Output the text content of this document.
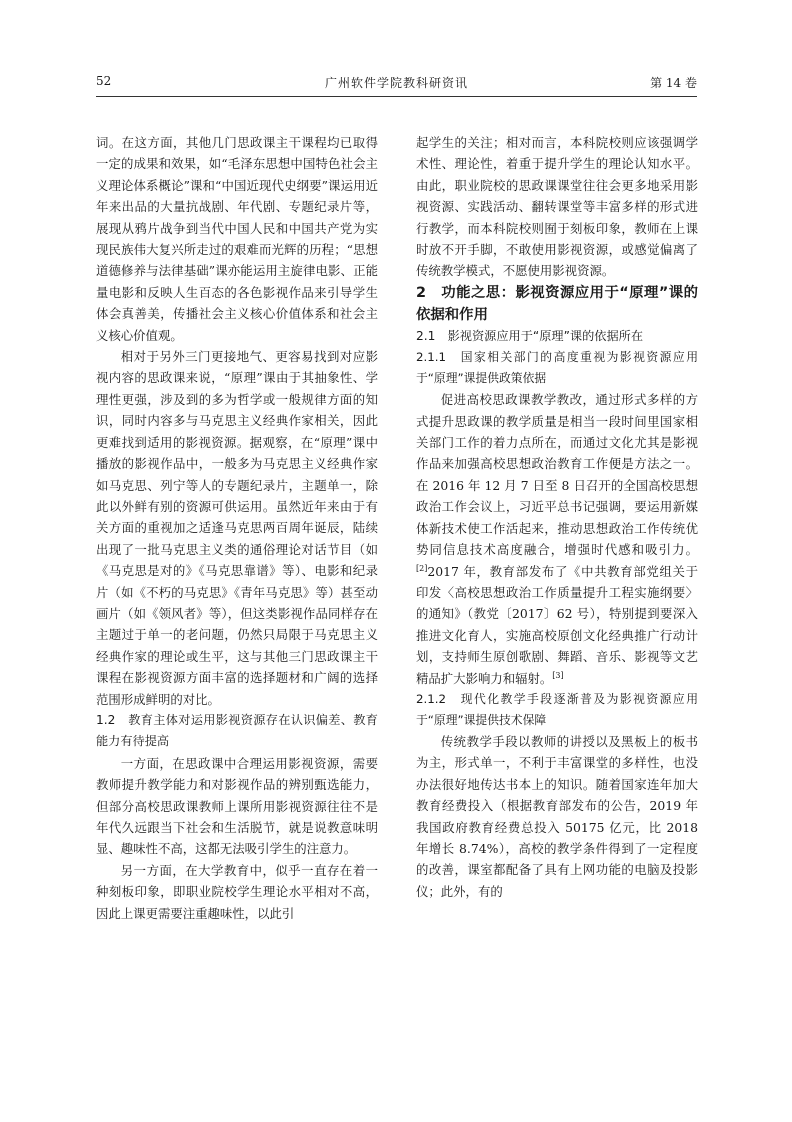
52	广州软件学院教科研资讯	第 14 卷

词。在这方面，其他几门思政课主干课程均已取得一定的成果和效果，如“毛泽东思想中国特色社会主义理论体系概论”课和“中国近现代史纲要”课运用近年来出品的大量抗战剧、年代剧、专题纪录片等，展现从鸦片战争到当代中国人民和中国共产党为实现民族伟大复兴所走过的艰难而光辉的历程；“思想道德修养与法律基础”课亦能运用主旋律电影、正能量电影和反映人生百态的各色影视作品来引导学生体会真善美，传播社会主义核心价值体系和社会主义核心价值观。

相对于另外三门更接地气、更容易找到对应影视内容的思政课来说，“原理”课由于其抽象性、学理性更强，涉及到的多为哲学或一般规律方面的知识，同时内容多与马克思主义经典作家相关，因此更难找到适用的影视资源。据观察，在“原理”课中播放的影视作品中，一般多为马克思主义经典作家如马克思、列宁等人的专题纪录片，主题单一，除此以外鲜有别的资源可供运用。虽然近年来由于有关方面的重视加之适逢马克思两百周年诞辰，陆续出现了一批马克思主义类的通俗理论对话节目（如《马克思是对的》《马克思靠谱》等）、电影和纪录片（如《不朽的马克思》《青年马克思》等）甚至动画片（如《领风者》等），但这类影视作品同样存在主题过于单一的老问题，仍然只局限于马克思主义经典作家的理论或生平，这与其他三门思政课主干课程在影视资源方面丰富的选择题材和广阔的选择范围形成鲜明的对比。

1.2　教育主体对运用影视资源存在认识偏差、教育能力有待提高

一方面，在思政课中合理运用影视资源，需要教师提升教学能力和对影视作品的辨别甄选能力，但部分高校思政课教师上课所用影视资源往往不是年代久远跟当下社会和生活脱节，就是说教意味明显、趣味性不高，这都无法吸引学生的注意力。

另一方面，在大学教育中，似乎一直存在着一种刻板印象，即职业院校学生理论水平相对不高，因此上课更需要注重趣味性，以此引

起学生的关注；相对而言，本科院校则应该强调学术性、理论性，着重于提升学生的理论认知水平。由此，职业院校的思政课课堂往往会更多地采用影视资源、实践活动、翻转课堂等丰富多样的形式进行教学，而本科院校则囿于刻板印象，教师在上课时放不开手脚，不敢使用影视资源，或感觉偏离了传统教学模式，不愿使用影视资源。

2　功能之思：影视资源应用于“原理”课的依据和作用

2.1　影视资源应用于“原理”课的依据所在

2.1.1　国家相关部门的高度重视为影视资源应用于“原理”课提供政策依据

促进高校思政课教学教改，通过形式多样的方式提升思政课的教学质量是相当一段时间里国家相关部门工作的着力点所在，而通过文化尤其是影视作品来加强高校思想政治教育工作便是方法之一。在 2016 年 12 月 7 日至 8 日召开的全国高校思想政治工作会议上，习近平总书记强调，要运用新媒体新技术使工作活起来，推动思想政治工作传统优势同信息技术高度融合，增强时代感和吸引力。[2]2017 年，教育部发布了《中共教育部党组关于印发〈高校思想政治工作质量提升工程实施纲要〉的通知》（教党〔2017〕62 号），特别提到要深入推进文化育人，实施高校原创文化经典推广行动计划，支持师生原创歌剧、舞蹈、音乐、影视等文艺精品扩大影响力和辐射。[3]

2.1.2　现代化教学手段逐渐普及为影视资源应用于“原理”课提供技术保障

传统教学手段以教师的讲授以及黑板上的板书为主，形式单一，不利于丰富课堂的多样性，也没办法很好地传达书本上的知识。随着国家连年加大教育经费投入（根据教育部发布的公告，2019 年我国政府教育经费总投入 50175 亿元，比 2018 年增长 8.74%），高校的教学条件得到了一定程度的改善，课室都配备了具有上网功能的电脑及投影仪；此外，有的
